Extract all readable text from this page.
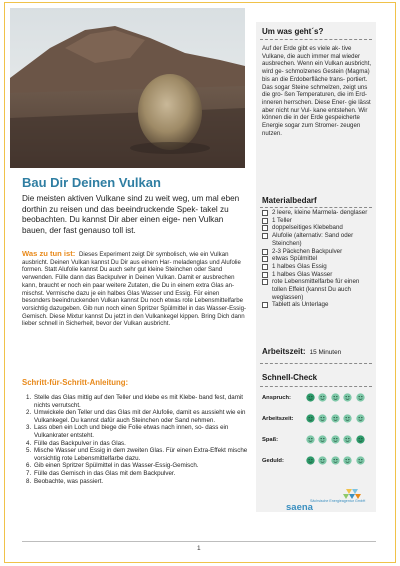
Bau Dir Deinen Vulkan
Die meisten aktiven Vulkane sind zu weit weg, um mal eben dorthin zu reisen und das beeindruckende Spek- takel zu beobachten. Du kannst Dir aber einen eige- nen Vulkan bauen, der fast genauso toll ist.
Was zu tun ist: Dieses Experiment zeigt Dir symbolisch, wie ein Vulkan ausbricht. Deinen Vulkan kannst Du Dir aus einem Har- meladenglas und Alufolie formen. Statt Alufolie kannst Du auch sehr gut kleine Steinchen oder Sand verwenden. Fülle dann das Backpulver in Deinen Vulkan. Damit er ausbrechen kann, braucht er noch ein paar weitere Zutaten, die Du in einem extra Glas an- mischst. Vermische dazu je ein halbes Glas Wasser und Essig. Für einen besonders beeindruckenden Vulkan kannst Du noch etwas rote Lebensmittelfarbe vorsichtig dazugeben. Gib nun noch einen Spritzer Spülmittel in das Wasser-Essig-Gemisch. Diese Mixtur kannst Du jetzt in den Vulkankegel kippen. Bring Dich dann lieber schnell in Sicherheit, bevor der Vulkan ausbricht.
Schritt-für-Schritt-Anleitung:
1. Stelle das Glas mittig auf den Teller und klebe es mit Klebe- band fest, damit nichts verrutscht.
2. Umwickele den Teller und das Glas mit der Alufolie, damit es aussieht wie ein Vulkankegel. Du kannst dafür auch Steinchen oder Sand nehmen.
3. Lass oben ein Loch und biege die Folie etwas nach innen, so- dass ein Vulkankrater entsteht.
4. Fülle das Backpulver in das Glas.
5. Mische Wasser und Essig in dem zweiten Glas. Für einen Extra-Effekt mische vorsichtig rote Lebensmittelfarbe dazu.
6. Gib einen Spritzer Spülmittel in das Wasser-Essig-Gemisch.
7. Fülle das Gemisch in das Glas mit dem Backpulver.
8. Beobachte, was passiert.
Um was geht´s?
Auf der Erde gibt es viele ak- tive Vulkane, die auch immer mal wieder ausbrechen. Wenn ein Vulkan ausbricht, wird ge- schmolzenes Gestein (Magma) bis an die Erdoberfläche trans- portiert. Das sogar Steine schmelzen, zeigt uns die gro- ßen Temperaturen, die im Erd- inneren herrschen. Diese Ener- gie lässt aber nicht nur Vul- kane entstehen. Wir können die in der Erde gespeicherte Energie sogar zum Stromer- zeugen nutzen.
Materialbedarf
2 leere, kleine Marmela- denglaser
1 Teller
doppelseitiges Klebeband
Alufolie (alternativ: Sand oder Steinchen)
2-3 Päckchen Backpulver
etwas Spülmittel
1 halbes Glas Essig
1 halbes Glas Wasser
rote Lebensmittelfarbe für einen tollen Effekt (kannst Du auch weglassen)
Tablett als Unterlage
Arbeitszeit: 15 Minuten
Schnell-Check
Anspruch:
Arbeitszeit:
Spaß:
Geduld:
saena
Sächsische Energieagentur GmbH
1
